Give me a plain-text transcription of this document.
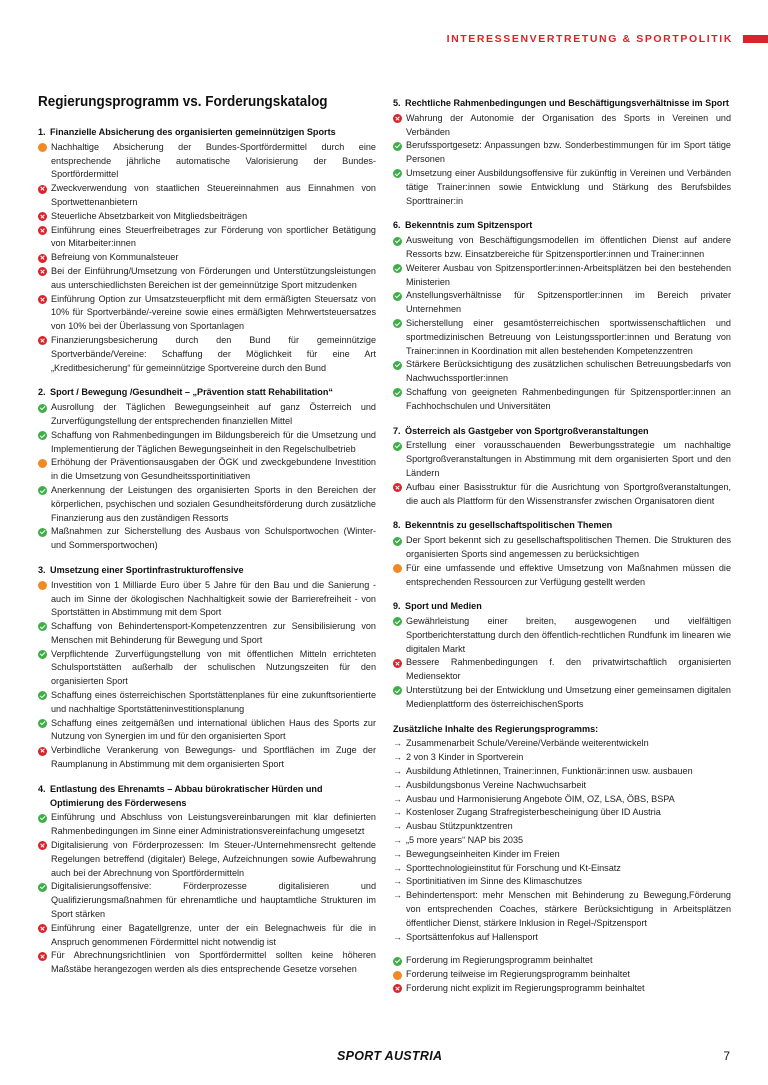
INTERESSENVERTRETUNG & SPORTPOLITIK
Regierungsprogramm vs. Forderungskatalog
1. Finanzielle Absicherung des organisierten gemeinnützigen Sports
Nachhaltige Absicherung der Bundes-Sportfördermittel durch eine entsprechende jährliche automatische Valorisierung der Bundes-Sportfördermittel
Zweckverwendung von staatlichen Steuereinnahmen aus Einnahmen von Sportwettenanbietern
Steuerliche Absetzbarkeit von Mitgliedsbeiträgen
Einführung eines Steuerfreibetrages zur Förderung von sportlicher Betätigung von Mitarbeiter:innen
Befreiung von Kommunalsteuer
Bei der Einführung/Umsetzung von Förderungen und Unterstützungsleistungen aus unterschiedlichsten Bereichen ist der gemeinnützige Sport mitzudenken
Einführung Option zur Umsatzsteuerpflicht mit dem ermäßigten Steuersatz von 10% für Sportverbände/-vereine sowie eines ermäßigten Mehrwertsteuersatzes von 10% bei der Überlassung von Sportanlagen
Finanzierungsbesicherung durch den Bund für gemeinnützige Sportverbände/Vereine: Schaffung der Möglichkeit für eine Art „Kreditbesicherung“ für gemeinnützige Sportvereine durch den Bund
2. Sport / Bewegung /Gesundheit – „Prävention statt Rehabilitation“
Ausrollung der Täglichen Bewegungseinheit auf ganz Österreich und Zurverfügungstellung der entsprechenden finanziellen Mittel
Schaffung von Rahmenbedingungen im Bildungsbereich für die Umsetzung und Implementierung der Täglichen Bewegungseinheit in den Regelschulbetrieb
Erhöhung der Präventionsausgaben der ÖGK und zweckgebundene Investition in die Umsetzung von Gesundheitssportinitiativen
Anerkennung der Leistungen des organisierten Sports in den Bereichen der körperlichen, psychischen und sozialen Gesundheitsförderung durch zusätzliche Finanzierung aus den zuständigen Ressorts
Maßnahmen zur Sicherstellung des Ausbaus von Schulsportwochen (Winter- und Sommersportwochen)
3. Umsetzung einer Sportinfrastrukturoffensive
Investition von 1 Milliarde Euro über 5 Jahre für den Bau und die Sanierung - auch im Sinne der ökologischen Nachhaltigkeit sowie der Barrierefreiheit - von Sportstätten in Abstimmung mit dem Sport
Schaffung von Behindertensport-Kompetenzzentren zur Sensibilisierung von Menschen mit Behinderung für Bewegung und Sport
Verpflichtende Zurverfügungstellung von mit öffentlichen Mitteln errichteten Schulsportstätten außerhalb der schulischen Nutzungszeiten für den organisierten Sport
Schaffung eines österreichischen Sportstättenplanes für eine zukunftsorientierte und nachhaltige Sportstätteninvestitionsplanung
Schaffung eines zeitgemäßen und international üblichen Haus des Sports zur Nutzung von Synergien im und für den organisierten Sport
Verbindliche Verankerung von Bewegungs- und Sportflächen im Zuge der Raumplanung in Abstimmung mit dem organisierten Sport
4. Entlastung des Ehrenamts – Abbau bürokratischer Hürden und Optimierung des Förderwesens
Einführung und Abschluss von Leistungsvereinbarungen mit klar definierten Rahmenbedingungen im Sinne einer Administrationsvereinfachung umgesetzt
Digitalisierung von Förderprozessen: Im Steuer-/Unternehmensrecht geltende Regelungen betreffend (digitaler) Belege, Aufzeichnungen sowie Aufbewahrung auch bei der Abrechnung von Sportfördermitteln
Digitalisierungsoffensive: Förderprozesse digitalisieren und Qualifizierungsmaßnahmen für ehrenamtliche und hauptamtliche Strukturen im Sport stärken
Einführung einer Bagatellgrenze, unter der ein Belegnachweis für die in Anspruch genommenen Fördermittel nicht notwendig ist
Für Abrechnungsrichtlinien von Sportfördermittel sollten keine höheren Maßstäbe herangezogen werden als dies entsprechende Gesetze vorsehen
5. Rechtliche Rahmenbedingungen und Beschäftigungsverhältnisse im Sport
Wahrung der Autonomie der Organisation des Sports in Vereinen und Verbänden
Berufssportgesetz: Anpassungen bzw. Sonderbestimmungen für im Sport tätige Personen
Umsetzung einer Ausbildungsoffensive für zukünftig in Vereinen und Verbänden tätige Trainer:innen sowie Entwicklung und Stärkung des Berufsbildes Sporttrainer:in
6. Bekenntnis zum Spitzensport
Ausweitung von Beschäftigungsmodellen im öffentlichen Dienst auf andere Ressorts bzw. Einsatzbereiche für Spitzensportler:innen und Trainer:innen
Weiterer Ausbau von Spitzensportler:innen-Arbeitsplätzen bei den bestehenden Ministerien
Anstellungsverhältnisse für Spitzensportler:innen im Bereich privater Unternehmen
Sicherstellung einer gesamtösterreichischen sportwissenschaftlichen und sportmedizinischen Betreuung von Leistungssportler:innen und Beratung von Trainer:innen in Koordination mit allen bestehenden Kompetenzzentren
Stärkere Berücksichtigung des zusätzlichen schulischen Betreuungsbedarfs von Nachwuchssportler:innen
Schaffung von geeigneten Rahmenbedingungen für Spitzensportler:innen an Fachhochschulen und Universitäten
7. Österreich als Gastgeber von Sportgroßveranstaltungen
Erstellung einer vorausschauenden Bewerbungsstrategie um nachhaltige Sportgroßveranstaltungen in Abstimmung mit dem organisierten Sport und den Ländern
Aufbau einer Basisstruktur für die Ausrichtung von Sportgroßveranstaltungen, die auch als Plattform für den Wissenstransfer zwischen Organisatoren dient
8. Bekenntnis zu gesellschaftspolitischen Themen
Der Sport bekennt sich zu gesellschaftspolitischen Themen. Die Strukturen des organisierten Sports sind angemessen zu berücksichtigen
Für eine umfassende und effektive Umsetzung von Maßnahmen müssen die entsprechenden Ressourcen zur Verfügung gestellt werden
9. Sport und Medien
Gewährleistung einer breiten, ausgewogenen und vielfältigen Sportberichterstattung durch den öffentlich-rechtlichen Rundfunk im linearen wie digitalen Markt
Bessere Rahmenbedingungen f. den privatwirtschaftlich organisierten Mediensektor
Unterstützung bei der Entwicklung und Umsetzung einer gemeinsamen digitalen Medienplattform des österreichischenSports
Zusätzliche Inhalte des Regierungsprogramms:
→ Zusammenarbeit Schule/Vereine/Verbände weiterentwickeln
→ 2 von 3 Kinder in Sportverein
→ Ausbildung Athletinnen, Trainer:innen, Funktionär:innen usw. ausbauen
→ Ausbildungsbonus Vereine Nachwuchsarbeit
→ Ausbau und Harmonisierung Angebote ÖIM, OZ, LSA, ÖBS, BSPA
→ Kostenloser Zugang Strafregisterbescheinigung über ID Austria
→ Ausbau Stützpunktzentren
→ „5 more years“ NAP bis 2035
→ Bewegungseinheiten Kinder im Freien
→ Sporttechnologieinstitut für Forschung und Kt-Einsatz
→ Sportinitiativen im Sinne des Klimaschutzes
→ Behindertensport: mehr Menschen mit Behinderung zu Bewegung,Förderung von entsprechenden Coaches, stärkere Berücksichtigung in Arbeitsplätzen öffentlicher Dienst, stärkere Inklusion in Regel-/Spitzensport
→ Sportsättenfokus auf Hallensport
Forderung im Regierungsprogramm beinhaltet
Forderung teilweise im Regierungsprogramm beinhaltet
Forderung nicht explizit im Regierungsprogramm beinhaltet
SPORT AUSTRIA	7
